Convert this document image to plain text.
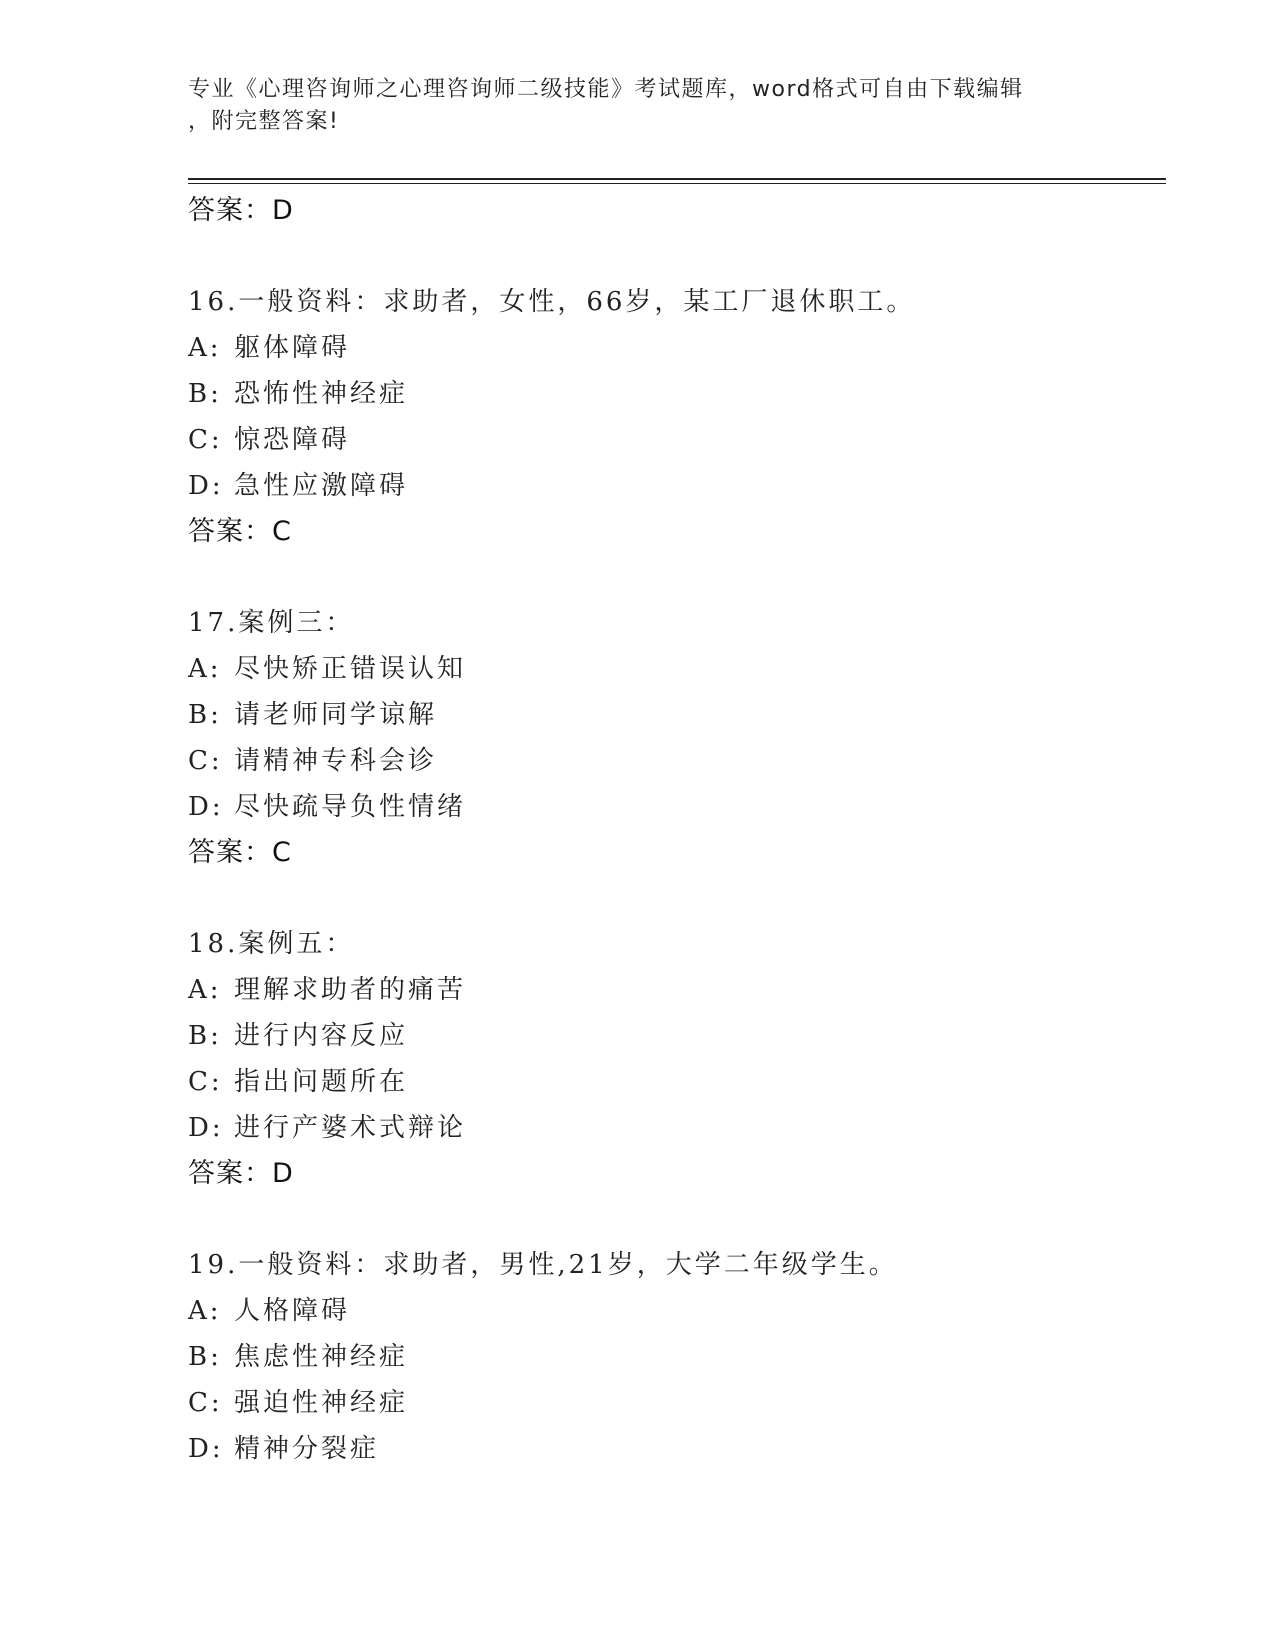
专业《心理咨询师之心理咨询师二级技能》考试题库，word格式可自由下载编辑
，附完整答案!
答案：D
16.一般资料：求助者，女性，66岁，某工厂退休职工。
A: 躯体障碍
B: 恐怖性神经症
C: 惊恐障碍
D: 急性应激障碍
答案：C
17.案例三：
A: 尽快矫正错误认知
B: 请老师同学谅解
C: 请精神专科会诊
D: 尽快疏导负性情绪
答案：C
18.案例五：
A: 理解求助者的痛苦
B: 进行内容反应
C: 指出问题所在
D: 进行产婆术式辩论
答案：D
19.一般资料：求助者，男性,21岁，大学二年级学生。
A: 人格障碍
B: 焦虑性神经症
C: 强迫性神经症
D: 精神分裂症
